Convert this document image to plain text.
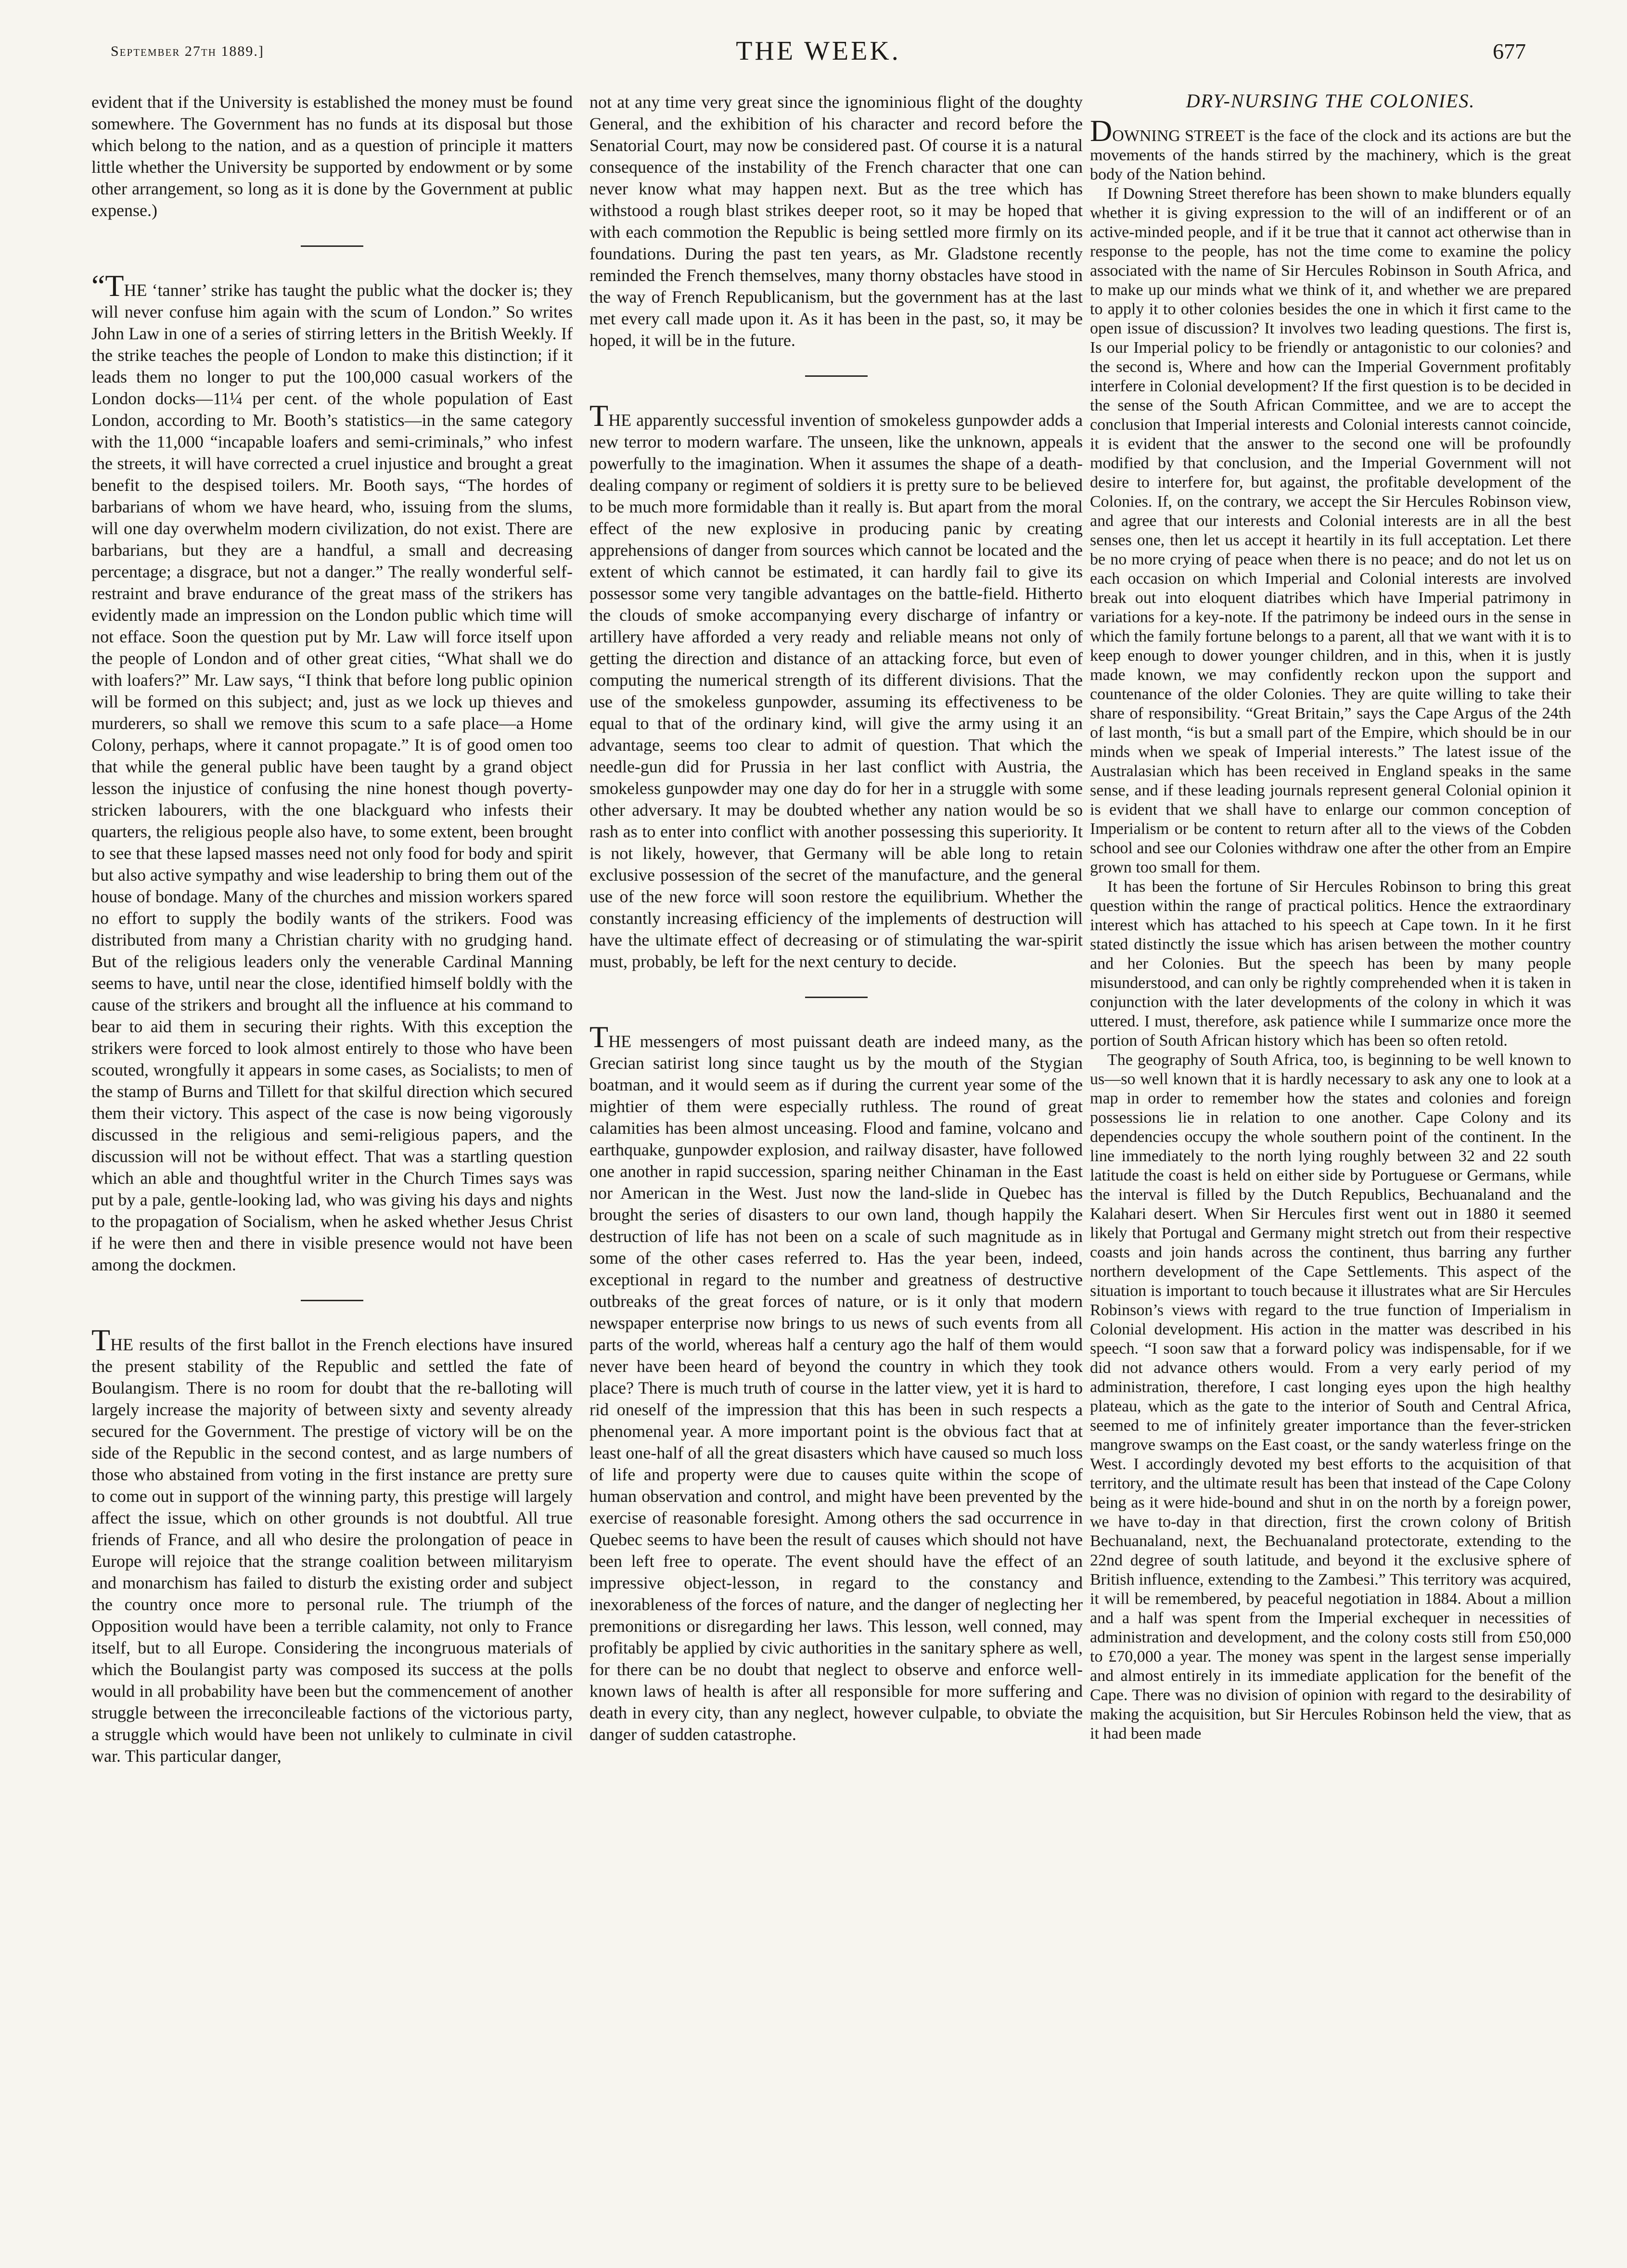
September 27th 1889.]	THE WEEK.	677

evident that if the University is established the money must be found somewhere. The Government has no funds at its disposal but those which belong to the nation, and as a question of principle it matters little whether the University be supported by endowment or by some other arrangement, so long as it is done by the Government at public expense.)

“THE ‘tanner’ strike has taught the public what the docker is; they will never confuse him again with the scum of London.” So writes John Law in one of a series of stirring letters in the British Weekly. If the strike teaches the people of London to make this distinction; if it leads them no longer to put the 100,000 casual workers of the London docks—11¼ per cent. of the whole population of East London, according to Mr. Booth’s statistics—in the same category with the 11,000 “incapable loafers and semi-criminals,” who infest the streets, it will have corrected a cruel injustice and brought a great benefit to the despised toilers. Mr. Booth says, “The hordes of barbarians of whom we have heard, who, issuing from the slums, will one day overwhelm modern civilization, do not exist. There are barbarians, but they are a handful, a small and decreasing percentage; a disgrace, but not a danger.” The really wonderful self-restraint and brave endurance of the great mass of the strikers has evidently made an impression on the London public which time will not efface. Soon the question put by Mr. Law will force itself upon the people of London and of other great cities, “What shall we do with loafers?” Mr. Law says, “I think that before long public opinion will be formed on this subject; and, just as we lock up thieves and murderers, so shall we remove this scum to a safe place—a Home Colony, perhaps, where it cannot propagate.” It is of good omen too that while the general public have been taught by a grand object lesson the injustice of confusing the nine honest though poverty-stricken labourers, with the one blackguard who infests their quarters, the religious people also have, to some extent, been brought to see that these lapsed masses need not only food for body and spirit but also active sympathy and wise leadership to bring them out of the house of bondage. Many of the churches and mission workers spared no effort to supply the bodily wants of the strikers. Food was distributed from many a Christian charity with no grudging hand. But of the religious leaders only the venerable Cardinal Manning seems to have, until near the close, identified himself boldly with the cause of the strikers and brought all the influence at his command to bear to aid them in securing their rights. With this exception the strikers were forced to look almost entirely to those who have been scouted, wrongfully it appears in some cases, as Socialists; to men of the stamp of Burns and Tillett for that skilful direction which secured them their victory. This aspect of the case is now being vigorously discussed in the religious and semi-religious papers, and the discussion will not be without effect. That was a startling question which an able and thoughtful writer in the Church Times says was put by a pale, gentle-looking lad, who was giving his days and nights to the propagation of Socialism, when he asked whether Jesus Christ if he were then and there in visible presence would not have been among the dockmen.

THE results of the first ballot in the French elections have insured the present stability of the Republic and settled the fate of Boulangism. There is no room for doubt that the re-balloting will largely increase the majority of between sixty and seventy already secured for the Government. The prestige of victory will be on the side of the Republic in the second contest, and as large numbers of those who abstained from voting in the first instance are pretty sure to come out in support of the winning party, this prestige will largely affect the issue, which on other grounds is not doubtful. All true friends of France, and all who desire the prolongation of peace in Europe will rejoice that the strange coalition between militaryism and monarchism has failed to disturb the existing order and subject the country once more to personal rule. The triumph of the Opposition would have been a terrible calamity, not only to France itself, but to all Europe. Considering the incongruous materials of which the Boulangist party was composed its success at the polls would in all probability have been but the commencement of another struggle between the irreconcileable factions of the victorious party, a struggle which would have been not unlikely to culminate in civil war. This particular danger,

not at any time very great since the ignominious flight of the doughty General, and the exhibition of his character and record before the Senatorial Court, may now be considered past. Of course it is a natural consequence of the instability of the French character that one can never know what may happen next. But as the tree which has withstood a rough blast strikes deeper root, so it may be hoped that with each commotion the Republic is being settled more firmly on its foundations. During the past ten years, as Mr. Gladstone recently reminded the French themselves, many thorny obstacles have stood in the way of French Republicanism, but the government has at the last met every call made upon it. As it has been in the past, so, it may be hoped, it will be in the future.

THE apparently successful invention of smokeless gunpowder adds a new terror to modern warfare. The unseen, like the unknown, appeals powerfully to the imagination. When it assumes the shape of a death-dealing company or regiment of soldiers it is pretty sure to be believed to be much more formidable than it really is. But apart from the moral effect of the new explosive in producing panic by creating apprehensions of danger from sources which cannot be located and the extent of which cannot be estimated, it can hardly fail to give its possessor some very tangible advantages on the battle-field. Hitherto the clouds of smoke accompanying every discharge of infantry or artillery have afforded a very ready and reliable means not only of getting the direction and distance of an attacking force, but even of computing the numerical strength of its different divisions. That the use of the smokeless gunpowder, assuming its effectiveness to be equal to that of the ordinary kind, will give the army using it an advantage, seems too clear to admit of question. That which the needle-gun did for Prussia in her last conflict with Austria, the smokeless gunpowder may one day do for her in a struggle with some other adversary. It may be doubted whether any nation would be so rash as to enter into conflict with another possessing this superiority. It is not likely, however, that Germany will be able long to retain exclusive possession of the secret of the manufacture, and the general use of the new force will soon restore the equilibrium. Whether the constantly increasing efficiency of the implements of destruction will have the ultimate effect of decreasing or of stimulating the war-spirit must, probably, be left for the next century to decide.

THE messengers of most puissant death are indeed many, as the Grecian satirist long since taught us by the mouth of the Stygian boatman, and it would seem as if during the current year some of the mightier of them were especially ruthless. The round of great calamities has been almost unceasing. Flood and famine, volcano and earthquake, gunpowder explosion, and railway disaster, have followed one another in rapid succession, sparing neither Chinaman in the East nor American in the West. Just now the land-slide in Quebec has brought the series of disasters to our own land, though happily the destruction of life has not been on a scale of such magnitude as in some of the other cases referred to. Has the year been, indeed, exceptional in regard to the number and greatness of destructive outbreaks of the great forces of nature, or is it only that modern newspaper enterprise now brings to us news of such events from all parts of the world, whereas half a century ago the half of them would never have been heard of beyond the country in which they took place? There is much truth of course in the latter view, yet it is hard to rid oneself of the impression that this has been in such respects a phenomenal year. A more important point is the obvious fact that at least one-half of all the great disasters which have caused so much loss of life and property were due to causes quite within the scope of human observation and control, and might have been prevented by the exercise of reasonable foresight. Among others the sad occurrence in Quebec seems to have been the result of causes which should not have been left free to operate. The event should have the effect of an impressive object-lesson, in regard to the constancy and inexorableness of the forces of nature, and the danger of neglecting her premonitions or disregarding her laws. This lesson, well conned, may profitably be applied by civic authorities in the sanitary sphere as well, for there can be no doubt that neglect to observe and enforce well-known laws of health is after all responsible for more suffering and death in every city, than any neglect, however culpable, to obviate the danger of sudden catastrophe.

DRY-NURSING THE COLONIES.

DOWNING STREET is the face of the clock and its actions are but the movements of the hands stirred by the machinery, which is the great body of the Nation behind.

If Downing Street therefore has been shown to make blunders equally whether it is giving expression to the will of an indifferent or of an active-minded people, and if it be true that it cannot act otherwise than in response to the people, has not the time come to examine the policy associated with the name of Sir Hercules Robinson in South Africa, and to make up our minds what we think of it, and whether we are prepared to apply it to other colonies besides the one in which it first came to the open issue of discussion? It involves two leading questions. The first is, Is our Imperial policy to be friendly or antagonistic to our colonies? and the second is, Where and how can the Imperial Government profitably interfere in Colonial development? If the first question is to be decided in the sense of the South African Committee, and we are to accept the conclusion that Imperial interests and Colonial interests cannot coincide, it is evident that the answer to the second one will be profoundly modified by that conclusion, and the Imperial Government will not desire to interfere for, but against, the profitable development of the Colonies. If, on the contrary, we accept the Sir Hercules Robinson view, and agree that our interests and Colonial interests are in all the best senses one, then let us accept it heartily in its full acceptation. Let there be no more crying of peace when there is no peace; and do not let us on each occasion on which Imperial and Colonial interests are involved break out into eloquent diatribes which have Imperial patrimony in variations for a key-note. If the patrimony be indeed ours in the sense in which the family fortune belongs to a parent, all that we want with it is to keep enough to dower younger children, and in this, when it is justly made known, we may confidently reckon upon the support and countenance of the older Colonies. They are quite willing to take their share of responsibility. “Great Britain,” says the Cape Argus of the 24th of last month, “is but a small part of the Empire, which should be in our minds when we speak of Imperial interests.” The latest issue of the Australasian which has been received in England speaks in the same sense, and if these leading journals represent general Colonial opinion it is evident that we shall have to enlarge our common conception of Imperialism or be content to return after all to the views of the Cobden school and see our Colonies withdraw one after the other from an Empire grown too small for them.

It has been the fortune of Sir Hercules Robinson to bring this great question within the range of practical politics. Hence the extraordinary interest which has attached to his speech at Cape town. In it he first stated distinctly the issue which has arisen between the mother country and her Colonies. But the speech has been by many people misunderstood, and can only be rightly comprehended when it is taken in conjunction with the later developments of the colony in which it was uttered. I must, therefore, ask patience while I summarize once more the portion of South African history which has been so often retold.

The geography of South Africa, too, is beginning to be well known to us—so well known that it is hardly necessary to ask any one to look at a map in order to remember how the states and colonies and foreign possessions lie in relation to one another. Cape Colony and its dependencies occupy the whole southern point of the continent. In the line immediately to the north lying roughly between 32 and 22 south latitude the coast is held on either side by Portuguese or Germans, while the interval is filled by the Dutch Republics, Bechuanaland and the Kalahari desert. When Sir Hercules first went out in 1880 it seemed likely that Portugal and Germany might stretch out from their respective coasts and join hands across the continent, thus barring any further northern development of the Cape Settlements. This aspect of the situation is important to touch because it illustrates what are Sir Hercules Robinson’s views with regard to the true function of Imperialism in Colonial development. His action in the matter was described in his speech. “I soon saw that a forward policy was indispensable, for if we did not advance others would. From a very early period of my administration, therefore, I cast longing eyes upon the high healthy plateau, which as the gate to the interior of South and Central Africa, seemed to me of infinitely greater importance than the fever-stricken mangrove swamps on the East coast, or the sandy waterless fringe on the West. I accordingly devoted my best efforts to the acquisition of that territory, and the ultimate result has been that instead of the Cape Colony being as it were hide-bound and shut in on the north by a foreign power, we have to-day in that direction, first the crown colony of British Bechuanaland, next, the Bechuanaland protectorate, extending to the 22nd degree of south latitude, and beyond it the exclusive sphere of British influence, extending to the Zambesi.” This territory was acquired, it will be remembered, by peaceful negotiation in 1884. About a million and a half was spent from the Imperial exchequer in necessities of administration and development, and the colony costs still from £50,000 to £70,000 a year. The money was spent in the largest sense imperially and almost entirely in its immediate application for the benefit of the Cape. There was no division of opinion with regard to the desirability of making the acquisition, but Sir Hercules Robinson held the view, that as it had been made
